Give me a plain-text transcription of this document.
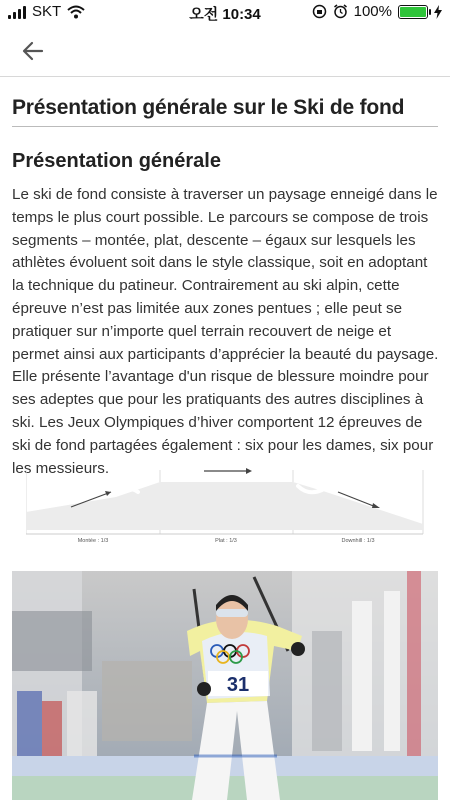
SKT	오전 10:34	100%
Présentation générale sur le Ski de fond
Présentation générale

Le ski de fond consiste à traverser un paysage enneigé dans le temps le plus court possible. Le parcours se compose de trois segments – montée, plat, descente – égaux sur lesquels les athlètes évoluent soit dans le style classique, soit en adoptant la technique du patineur. Contrairement au ski alpin, cette épreuve n’est pas limitée aux zones pentues ; elle peut se pratiquer sur n’importe quel terrain recouvert de neige et permet ainsi aux participants d’apprécier la beauté du paysage. Elle présente l’avantage d'un risque de blessure moindre pour ses adeptes que pour les pratiquants des autres disciplines à ski. Les Jeux Olympiques d’hiver comportent 12 épreuves de ski de fond partagées également : six pour les dames, six pour les messieurs.

Montée : 1/3	Plat : 1/3	Downhill : 1/3
31
